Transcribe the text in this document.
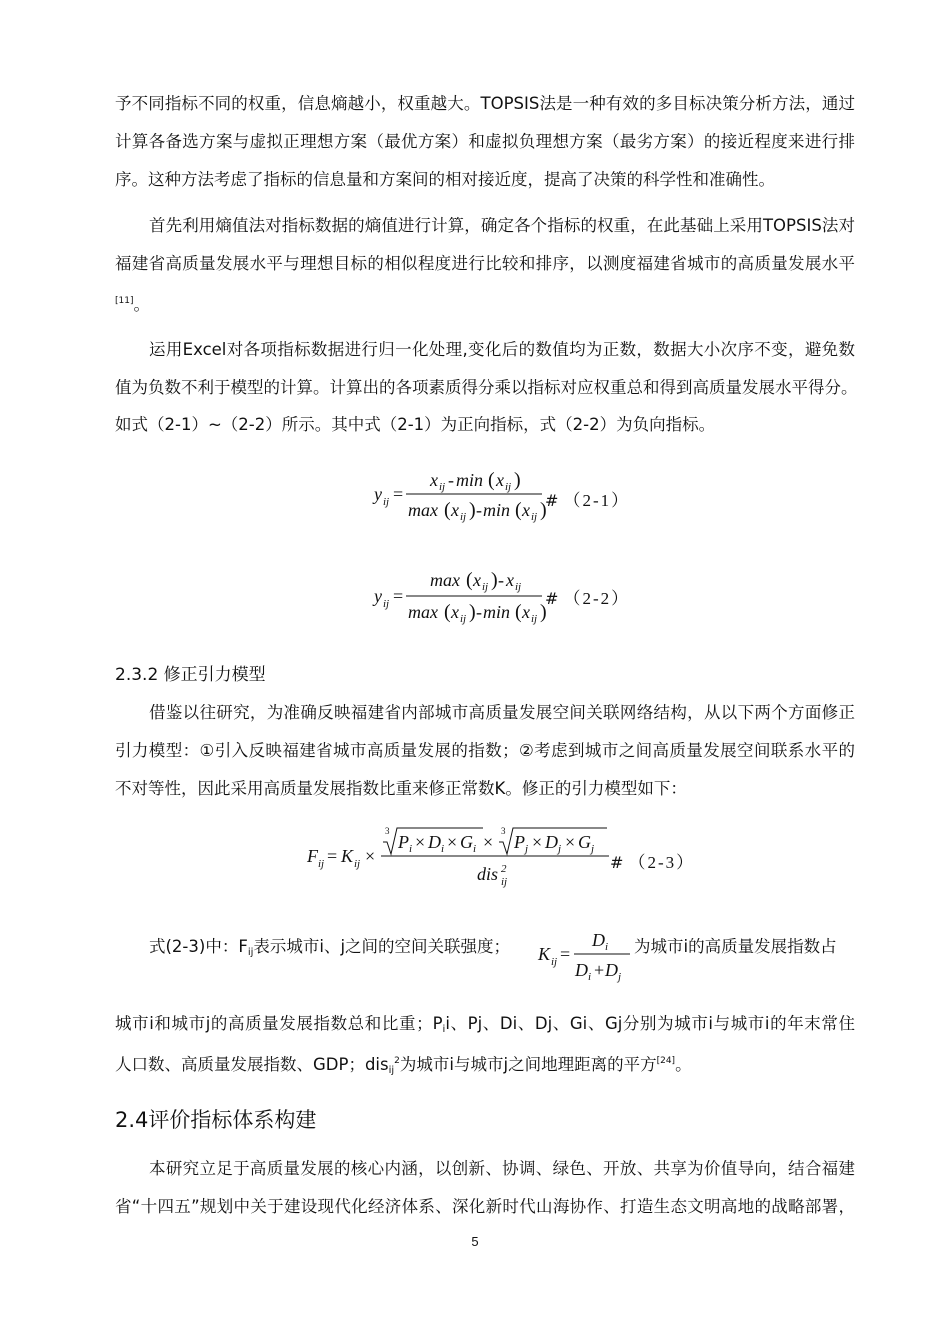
予不同指标不同的权重，信息熵越小，权重越大。TOPSIS法是一种有效的多目标决策分析方法，通过
计算各备选方案与虚拟正理想方案（最优方案）和虚拟负理想方案（最劣方案）的接近程度来进行排
序。这种方法考虑了指标的信息量和方案间的相对接近度，提高了决策的科学性和准确性。
首先利用熵值法对指标数据的熵值进行计算，确定各个指标的权重，在此基础上采用TOPSIS法对
福建省高质量发展水平与理想目标的相似程度进行比较和排序，以测度福建省城市的高质量发展水平
[11]。
运用Excel对各项指标数据进行归一化处理,变化后的数值均为正数，数据大小次序不变，避免数
值为负数不利于模型的计算。计算出的各项素质得分乘以指标对应权重总和得到高质量发展水平得分。
如式（2-1）~（2-2）所示。其中式（2-1）为正向指标，式（2-2）为负向指标。
y ij =
x ij - min ( x ij )
max ( x ij ) - min ( x ij )
# （2-1）
y ij =
max ( x ij ) - x ij
max ( x ij ) - min ( x ij )
# （2-2）
2.3.2 修正引力模型
借鉴以往研究，为准确反映福建省内部城市高质量发展空间关联网络结构，从以下两个方面修正
引力模型：①引入反映福建省城市高质量发展的指数；②考虑到城市之间高质量发展空间联系水平的
不对等性，因此采用高质量发展指数比重来修正常数K。修正的引力模型如下：
F ij = K ij ×
3
P i × D i × G i ×
3
P j × D j × G j
dis 2
ij
# （2-3）
式(2-3)中：$F_{ij}$表示城市i、j之间的空间关联强度；	K ij =
D i
D i + D j
为城市i的高质量发展指数占
城市i和城市j的高质量发展指数总和比重；$P_ii$、Pj、Di、Dj、Gi、Gj分别为城市i与城市i的年末常住
人口数、高质量发展指数、GDP；dis$_{ij}^2$为城市i与城市j之间地理距离的平方[24]。
2.4评价指标体系构建
本研究立足于高质量发展的核心内涵，以创新、协调、绿色、开放、共享为价值导向，结合福建
省“十四五”规划中关于建设现代化经济体系、深化新时代山海协作、打造生态文明高地的战略部署，
5
